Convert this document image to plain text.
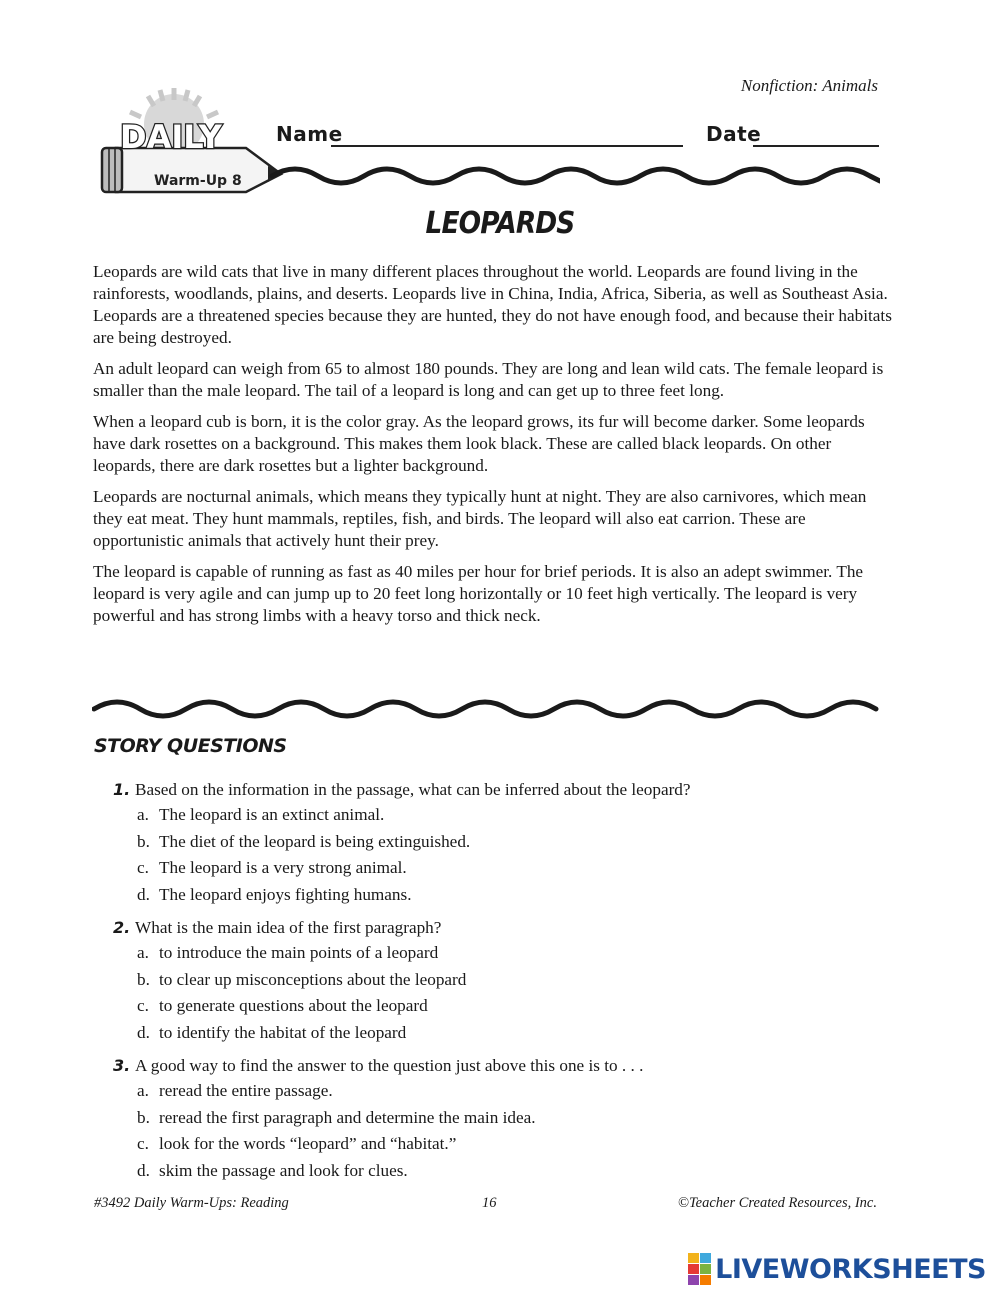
Nonfiction: Animals
DAILY
Warm-Up 8
Name	Date
LEOPARDS

Leopards are wild cats that live in many different places throughout the world. Leopards are found living in the rainforests, woodlands, plains, and deserts. Leopards live in China, India, Africa, Siberia, as well as Southeast Asia. Leopards are a threatened species because they are hunted, they do not have enough food, and because their habitats are being destroyed.

An adult leopard can weigh from 65 to almost 180 pounds. They are long and lean wild cats. The female leopard is smaller than the male leopard. The tail of a leopard is long and can get up to three feet long.

When a leopard cub is born, it is the color gray. As the leopard grows, its fur will become darker. Some leopards have dark rosettes on a background. This makes them look black. These are called black leopards. On other leopards, there are dark rosettes but a lighter background.

Leopards are nocturnal animals, which means they typically hunt at night. They are also carnivores, which mean they eat meat. They hunt mammals, reptiles, fish, and birds. The leopard will also eat carrion. These are opportunistic animals that actively hunt their prey.

The leopard is capable of running as fast as 40 miles per hour for brief periods. It is also an adept swimmer. The leopard is very agile and can jump up to 20 feet long horizontally or 10 feet high vertically. The leopard is very powerful and has strong limbs with a heavy torso and thick neck.

STORY QUESTIONS
1. Based on the information in the passage, what can be inferred about the leopard?
a. The leopard is an extinct animal.
b. The diet of the leopard is being extinguished.
c. The leopard is a very strong animal.
d. The leopard enjoys fighting humans.
2. What is the main idea of the first paragraph?
a. to introduce the main points of a leopard
b. to clear up misconceptions about the leopard
c. to generate questions about the leopard
d. to identify the habitat of the leopard
3. A good way to find the answer to the question just above this one is to . . .
a. reread the entire passage.
b. reread the first paragraph and determine the main idea.
c. look for the words “leopard” and “habitat.”
d. skim the passage and look for clues.
#3492 Daily Warm-Ups: Reading	16	©Teacher Created Resources, Inc.
LIVEWORKSHEETS
